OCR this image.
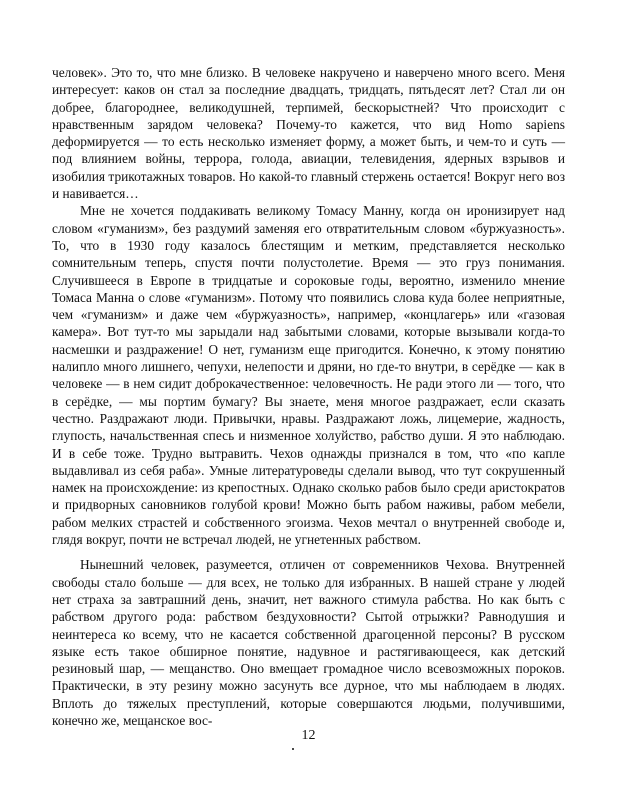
человек». Это то, что мне близко. В человеке накручено и наверчено много всего. Меня интересует: каков он стал за последние двадцать, тридцать, пятьдесят лет? Стал ли он добрее, благороднее, великодушней, терпимей, бескорыстней? Что происходит с нравственным зарядом человека? Почему-то кажется, что вид Homo sapiens деформируется — то есть несколько изменяет форму, а может быть, и чем-то и суть — под влиянием войны, террора, голода, авиации, телевидения, ядерных взрывов и изобилия трикотажных товаров. Но какой-то главный стержень остается! Вокруг него воз и навивается…

Мне не хочется поддакивать великому Томасу Манну, когда он иронизирует над словом «гуманизм», без раздумий заменяя его отвратительным словом «буржуазность». То, что в 1930 году казалось блестящим и метким, представляется несколько сомнительным теперь, спустя почти полустолетие. Время — это груз понимания. Случившееся в Европе в тридцатые и сороковые годы, вероятно, изменило мнение Томаса Манна о слове «гуманизм». Потому что появились слова куда более неприятные, чем «гуманизм» и даже чем «буржуазность», например, «концлагерь» или «газовая камера». Вот тут-то мы зарыдали над забытыми словами, которые вызывали когда-то насмешки и раздражение! О нет, гуманизм еще пригодится. Конечно, к этому понятию налипло много лишнего, чепухи, нелепости и дряни, но где-то внутри, в серёдке — как в человеке — в нем сидит доброкачественное: человечность. Не ради этого ли — того, что в серёдке, — мы портим бумагу? Вы знаете, меня многое раздражает, если сказать честно. Раздражают люди. Привычки, нравы. Раздражают ложь, лицемерие, жадность, глупость, начальственная спесь и низменное холуйство, рабство души. Я это наблюдаю. И в себе тоже. Трудно вытравить. Чехов однажды признался в том, что «по капле выдавливал из себя раба». Умные литературоведы сделали вывод, что тут сокрушенный намек на происхождение: из крепостных. Однако сколько рабов было среди аристократов и придворных сановников голубой крови! Можно быть рабом наживы, рабом мебели, рабом мелких страстей и собственного эгоизма. Чехов мечтал о внутренней свободе и, глядя вокруг, почти не встречал людей, не угнетенных рабством.

Нынешний человек, разумеется, отличен от современников Чехова. Внутренней свободы стало больше — для всех, не только для избранных. В нашей стране у людей нет страха за завтрашний день, значит, нет важного стимула рабства. Но как быть с рабством другого рода: рабством бездуховности? Сытой отрыжки? Равнодушия и неинтереса ко всему, что не касается собственной драгоценной персоны? В русском языке есть такое обширное понятие, надувное и растягивающееся, как детский резиновый шар, — мещанство. Оно вмещает громадное число всевозможных пороков. Практически, в эту резину можно засунуть все дурное, что мы наблюдаем в людях. Вплоть до тяжелых преступлений, которые совершаются людьми, получившими, конечно же, мещанское вос-

12
